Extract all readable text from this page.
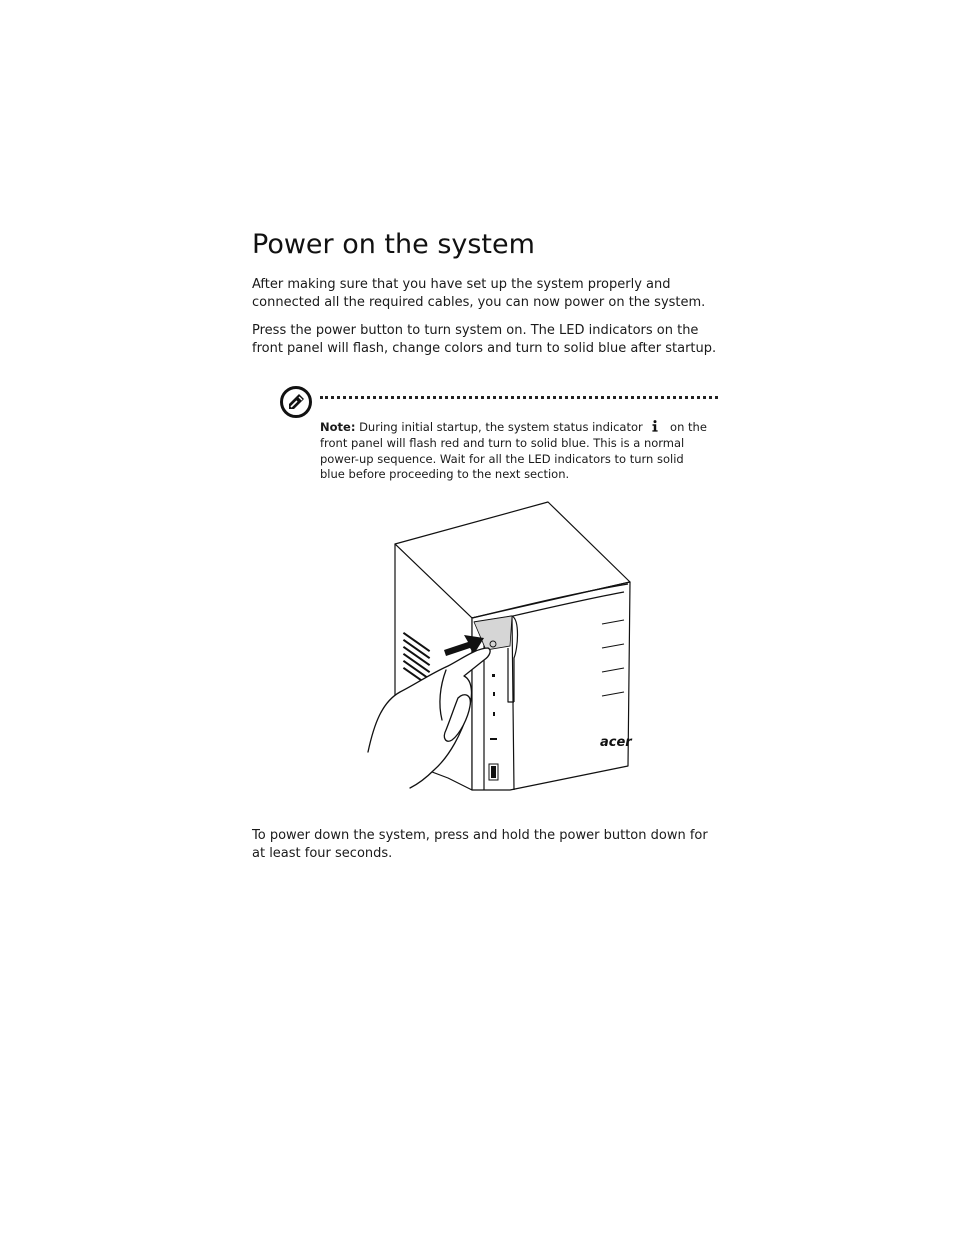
Power on the system

After making sure that you have set up the system properly and connected all the required cables, you can now power on the system.

Press the power button to turn system on. The LED indicators on the front panel will flash, change colors and turn to solid blue after startup.

Note: During initial startup, the system status indicator on the front panel will flash red and turn to solid blue. This is a normal power-up sequence. Wait for all the LED indicators to turn solid blue before proceeding to the next section.

acer

To power down the system, press and hold the power button down for at least four seconds.
